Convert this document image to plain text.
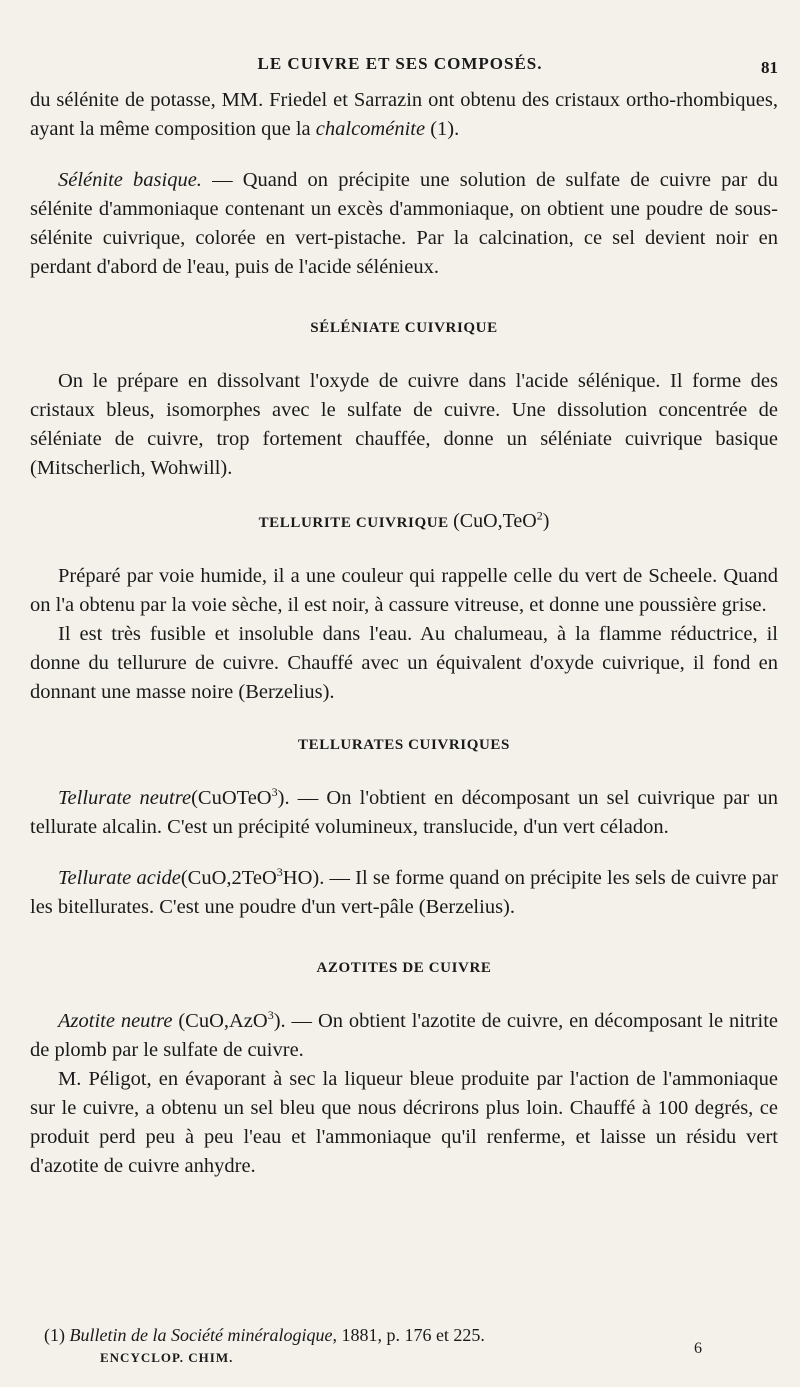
LE CUIVRE ET SES COMPOSÉS.	81

du sélénite de potasse, MM. Friedel et Sarrazin ont obtenu des cristaux ortho-rhombiques, ayant la même composition que la chalcoménite (1).

Sélénite basique. — Quand on précipite une solution de sulfate de cuivre par du sélénite d'ammoniaque contenant un excès d'ammoniaque, on obtient une poudre de sous-sélénite cuivrique, colorée en vert-pistache. Par la calcination, ce sel devient noir en perdant d'abord de l'eau, puis de l'acide sélénieux.

SÉLÉNIATE CUIVRIQUE

On le prépare en dissolvant l'oxyde de cuivre dans l'acide sélénique. Il forme des cristaux bleus, isomorphes avec le sulfate de cuivre. Une dissolution concentrée de séléniate de cuivre, trop fortement chauffée, donne un séléniate cuivrique basique (Mitscherlich, Wohwill).

TELLURITE CUIVRIQUE (CuO,TeO$^2$)

Préparé par voie humide, il a une couleur qui rappelle celle du vert de Scheele. Quand on l'a obtenu par la voie sèche, il est noir, à cassure vitreuse, et donne une poussière grise.

Il est très fusible et insoluble dans l'eau. Au chalumeau, à la flamme réductrice, il donne du tellurure de cuivre. Chauffé avec un équivalent d'oxyde cuivrique, il fond en donnant une masse noire (Berzelius).

TELLURATES CUIVRIQUES

Tellurate neutre(CuOTeO$^3$). — On l'obtient en décomposant un sel cuivrique par un tellurate alcalin. C'est un précipité volumineux, translucide, d'un vert céladon.

Tellurate acide(CuO,2TeO$^3$HO). — Il se forme quand on précipite les sels de cuivre par les bitellurates. C'est une poudre d'un vert-pâle (Berzelius).

AZOTITES DE CUIVRE

Azotite neutre (CuO,AzO$^3$). — On obtient l'azotite de cuivre, en décomposant le nitrite de plomb par le sulfate de cuivre.

M. Péligot, en évaporant à sec la liqueur bleue produite par l'action de l'ammoniaque sur le cuivre, a obtenu un sel bleu que nous décrirons plus loin. Chauffé à 100 degrés, ce produit perd peu à peu l'eau et l'ammoniaque qu'il renferme, et laisse un résidu vert d'azotite de cuivre anhydre.

(1) Bulletin de la Société minéralogique, 1881, p. 176 et 225.
ENCYCLOP. CHIM.
6
